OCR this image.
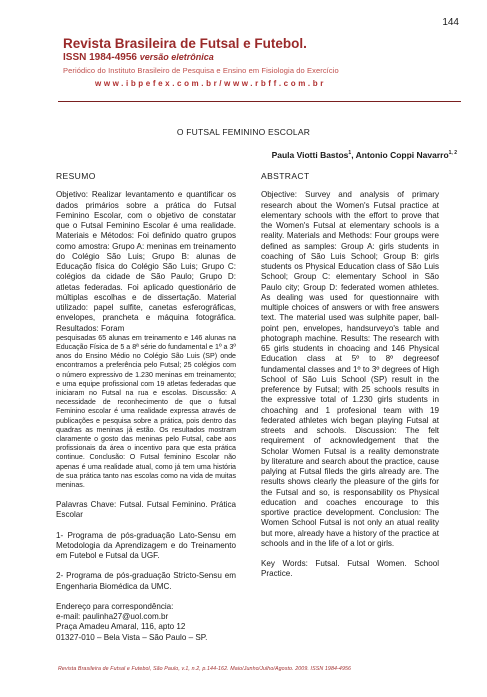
144
Revista Brasileira de Futsal e Futebol.
ISSN 1984-4956 versão eletrônica
Periódico do Instituto Brasileiro de Pesquisa e Ensino em Fisiologia do Exercício
www.ibpefex.com.br/www.rbff.com.br
O FUTSAL FEMININO ESCOLAR
Paula Viotti Bastos$^1$, Antonio Coppi Navarro$^{1, 2}$
RESUMO

Objetivo: Realizar levantamento e quantificar os dados primários sobre a prática do Futsal Feminino Escolar, com o objetivo de constatar que o Futsal Feminino Escolar é uma realidade. Materiais e Métodos: Foi definido quatro grupos como amostra: Grupo A: meninas em treinamento do Colégio São Luis; Grupo B: alunas de Educação física do Colégio São Luis; Grupo C: colégios da cidade de São Paulo; Grupo D: atletas federadas. Foi aplicado questionário de múltiplas escolhas e de dissertação. Material utilizado: papel sulfite, canetas esferográficas, envelopes, prancheta e máquina fotográfica. Resultados: Foram

pesquisadas 65 alunas em treinamento e 146 alunas na Educação Física de 5 a 8ª série do fundamental e 1º a 3º anos do Ensino Médio no Colégio São Luis (SP) onde encontramos a preferência pelo Futsal; 25 colégios com o número expressivo de 1.230 meninas em treinamento; e uma equipe profissional com 19 atletas federadas que iniciaram no Futsal na rua e escolas. Discussão: A necessidade de reconhecimento de que o futsal Feminino escolar é uma realidade expressa através de publicações e pesquisa sobre a prática, pois dentro das quadras as meninas já estão. Os resultados mostram claramente o gosto das meninas pelo Futsal, cabe aos profissionais da área o incentivo para que esta prática continue. Conclusão: O Futsal feminino Escolar não apenas é uma realidade atual, como já tem uma história de sua prática tanto nas escolas como na vida de muitas meninas.

Palavras Chave: Futsal. Futsal Feminino. Prática Escolar

1- Programa de pós-graduação Lato-Sensu em Metodologia da Aprendizagem e do Treinamento em Futebol e Futsal da UGF.

2- Programa de pós-graduação Stricto-Sensu em Engenharia Biomédica da UMC.

Endereço para correspondência:

e-mail: paulinha27@uol.com.br

Praça Amadeu Amaral, 116, apto 12

01327-010 – Bela Vista – São Paulo – SP.

ABSTRACT

Objective: Survey and analysis of primary research about the Women's Futsal practice at elementary schools with the effort to prove that the Women's Futsal at elementary schools is a reality. Materials and Methods: Four groups were defined as samples: Group A: girls students in coaching of São Luis School; Group B: girls students os Physical Education class of São Luis School; Group C: elementary School in São Paulo city; Group D: federated women athletes. As dealing was used for questionnaire with multiple choices of answers or with free answers text. The material used was sulphite paper, ball-point pen, envelopes, handsurveyo's table and photograph machine. Results: The research with 65 girls students in choacing and 146 Physical Education class at 5º to 8º degreesof fundamental classes and 1º to 3º degrees of High School of São Luis School (SP) result in the preference by Futsal; with 25 schools results in the expressive total of 1.230 girls students in choaching and 1 profesional team with 19 federated athletes wich began playing Futsal at streets and schools. Discussion: The felt requirement of acknowledgement that the Scholar Women Futsal is a reality demonstrate by literature and search about the practice, cause palying at Futsal fileds the girls already are. The results shows clearly the pleasure of the girls for the Futsal and so, is responsability os Physical education and coaches encourage to this sportive practice development. Conclusion: The Women School Futsal is not only an atual reality but more, already have a history of the practice at schools and in the life of a lot or girls.

Key Words: Futsal. Futsal Women. School Practice.

Revista Brasileira de Futsal e Futebol, São Paulo, v.1, n.2, p.144-162. Maio/Junho/Julho/Agosto. 2009. ISSN 1984-4956
